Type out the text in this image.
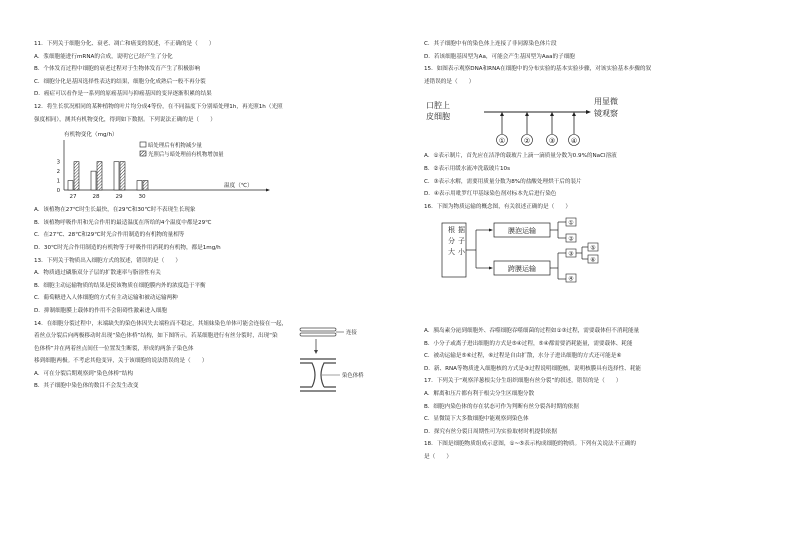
11．下列关于细胞分化、衰老、凋亡和癌变的叙述，不正确的是（　　）
A．浆细胞能进行mRNA的合成，说明它已经产生了分化
B．个体发育过程中细胞的衰老过程对于生物体发育产生了积极影响
C．细胞分化是基因选择性表达的结果，细胞分化成熟后一般不再分裂
D．癌症可以看作是一系列的原癌基因与抑癌基因的变异逐渐积累的结果
12．将生长状况相同的某种植物的叶片均分成4等份，在不同温度下分别暗处理1h，再光照1h（光照
强度相同），测其有机物变化，得到如下数据。下列说法正确的是（　　）
有机物变化（mg/h）
温度（℃）
0
1
2
3
27	28	29	30
暗处理后有机物减少量
光照后与暗处理前有机物增加量
A．该植物在27℃时生长最快，在29℃和30℃时不表现生长现象
B．该植物呼吸作用和光合作用的最适温度在所给的4个温度中都是29℃
C．在27℃、28℃和29℃时光合作用制造的有机物的量相等
D．30℃时光合作用制造的有机物等于呼吸作用消耗的有机物，都是1mg/h
13．下列关于物质出入细胞方式的叙述，错误的是（　　）
A．物质通过磷脂双分子层的扩散速率与脂溶性有关
B．细胞主动运输物质的结果是使该物质在细胞膜内外的浓度趋于平衡
C．葡萄糖进入人体细胞的方式有主动运输和被动运输两种
D．抑制细胞膜上载体的作用不会阻碍性激素进入细胞
14．在细胞分裂过程中，末端缺失的染色体因失去端粒而不稳定，其姐妹染色单体可能会连接在一起，
着丝点分裂后向两极移动时出现“染色体桥”结构，如下图所示。若某细胞进行有丝分裂时，出现“染
色体桥”并在两着丝点间任一位置发生断裂，形成的两条子染色体
移到细胞两极。不考虑其他变异，关于该细胞的说法错误的是（　　）
A．可在分裂后期观察到“染色体桥”结构
B．其子细胞中染色体的数目不会发生改变
连接
染色体桥
C．其子细胞中有的染色体上连接了非同源染色体片段
D．若该细胞基因型为Aa，可能会产生基因型为Aaa的子细胞
15．如图表示观察DNA和RNA在细胞中的分布实验的基本实验步骤，对该实验基本步骤的叙
述错误的是（　　）
口腔上
皮细胞
用显微
镜观察
①	②	③ ④
A．①表示制片，首先应在洁净的载玻片上滴一滴质量分数为0.9%的NaCl溶液
B．②表示用缓水流冲洗载玻片10s
C．③表示水解，需要用质量分数为8%的盐酸处理烘干后的装片
D．④表示用吡罗红甲基绿染色剂对标本先后进行染色
16．下图为物质运输的概念图，有关叙述正确的是（　　）
根 据
分 子
大 小
膜泡运输
跨膜运输
①
②
③
④
⑤
⑥
A．胰岛素分泌到细胞外、吞噬细胞吞噬细菌的过程如①③过程，需要载体但不消耗能量
B．小分子或离子进出细胞的方式是⑤④过程，⑤④都需要消耗能量，需要载体、耗能
C．被动运输是⑤⑥过程，⑥过程是自由扩散，水分子进出细胞的方式还可能是⑥
D．新、RNA等物质进入细胞核的方式是③过程说明细胞核，说明核膜具有选择性、耗能
17．下列关于“观察洋葱根尖分生组织细胞有丝分裂”的叙述，错误的是（　　）
A．解离和压片都有利于根尖分生区细胞分散
B．细胞内染色体的存在状态可作为判断有丝分裂各时期的依据
C．显微镜下大多数细胞中能观察到染色体
D．探究有丝分裂日周期性可为实验取材时机提供依据
18．下图是细胞物质组成示意图，①~⑤表示构成细胞的物质。下列有关说法不正确的
是（　　）
